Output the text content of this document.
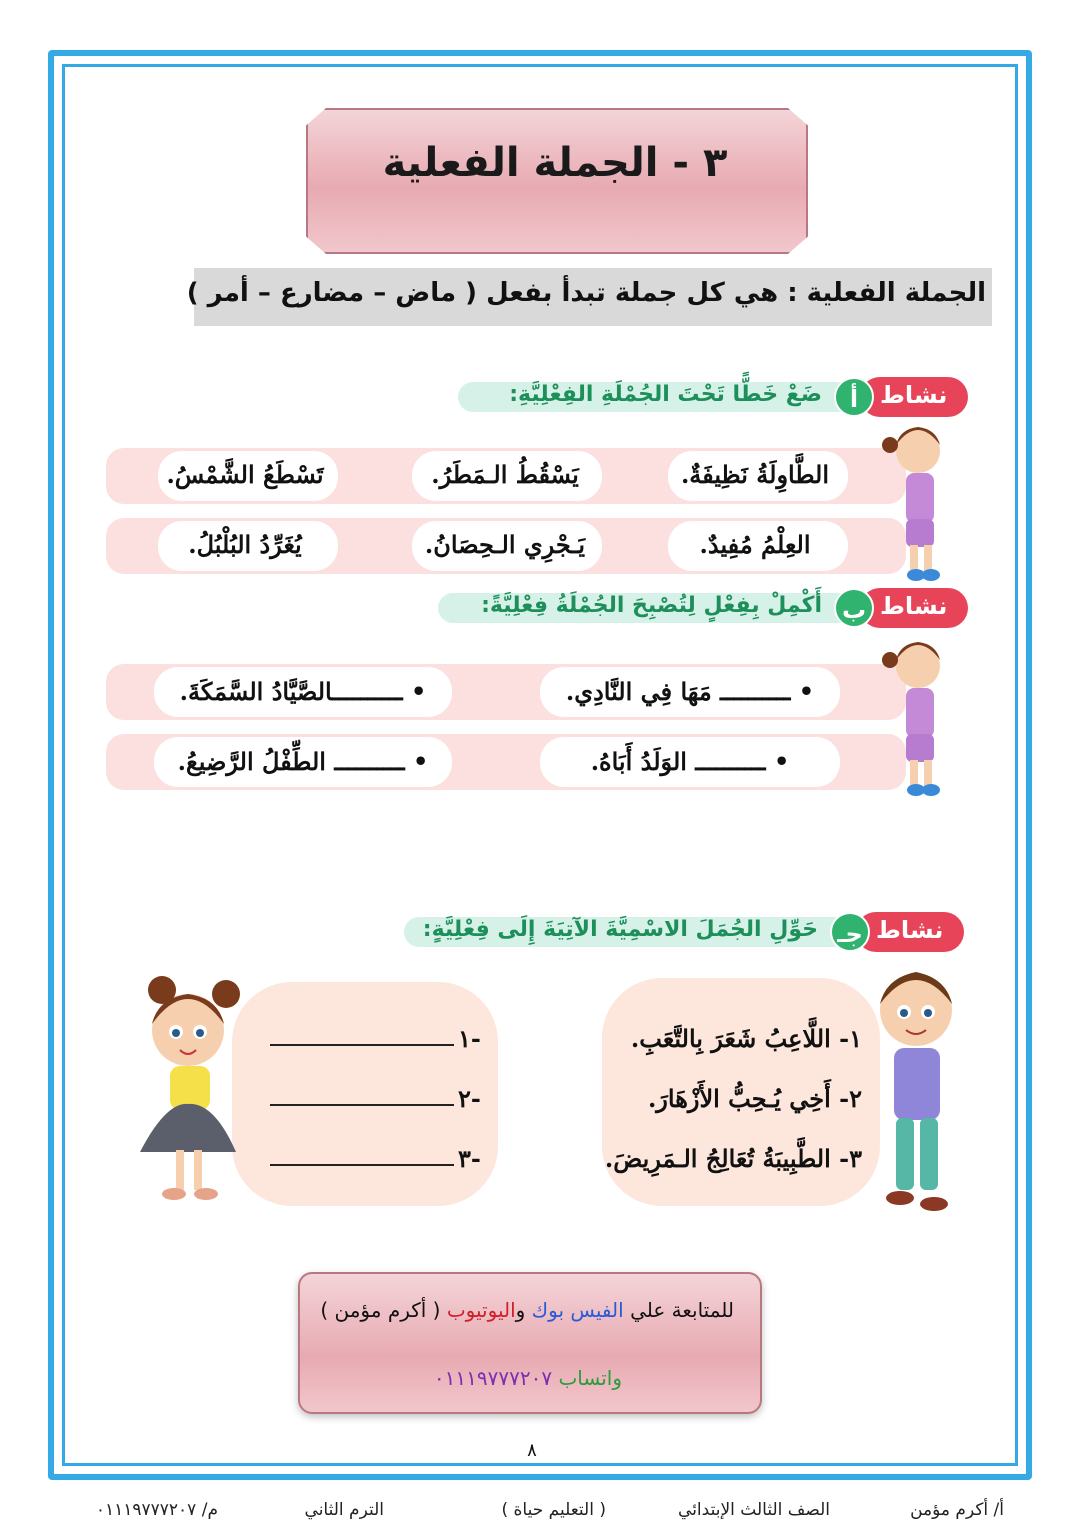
٣ - الجملة الفعلية
الجملة الفعلية : هي كل جملة تبدأ بفعل ( ماض – مضارع – أمر )
نشاط
أ
ضَعْ خَطًّا تَحْتَ الجُمْلَةِ الفِعْلِيَّةِ:
الطَّاوِلَةُ نَظِيفَةٌ.
يَسْقُطُ الـمَطَرُ.
تَسْطَعُ الشَّمْسُ.
العِلْمُ مُفِيدٌ.
يَـجْرِي الـحِصَانُ.
يُغَرِّدُ البُلْبُلُ.
نشاط
ب
أَكْمِلْ بِفِعْلٍ لِتُصْبِحَ الجُمْلَةُ فِعْلِيَّةً:
• ــــــــــ مَهَا فِي النَّادِي.
• ــــــــــالصَّيَّادُ السَّمَكَةَ.
• ــــــــــ الوَلَدُ أَبَاهُ.
• ــــــــــ الطِّفْلُ الرَّضِيعُ.
نشاط
جـ
حَوِّلِ الجُمَلَ الاسْمِيَّةَ الآتِيَةَ إِلَى فِعْلِيَّةٍ:
١- اللَّاعِبُ شَعَرَ بِالتَّعَبِ.
٢- أَخِي يُـحِبُّ الأَزْهَارَ.
٣- الطَّبِيبَةُ تُعَالِجُ الـمَرِيضَ.
-١
-٢
-٣
للمتابعة علي الفيس بوك واليوتيوب ( أكرم مؤمن )
واتساب ٠١١١٩٧٧٧٢٠٧
٨
أ/ أكرم مؤمن
الصف الثالث الإبتدائي
( التعليم حياة )
الترم الثاني
م/ ٠١١١٩٧٧٧٢٠٧
